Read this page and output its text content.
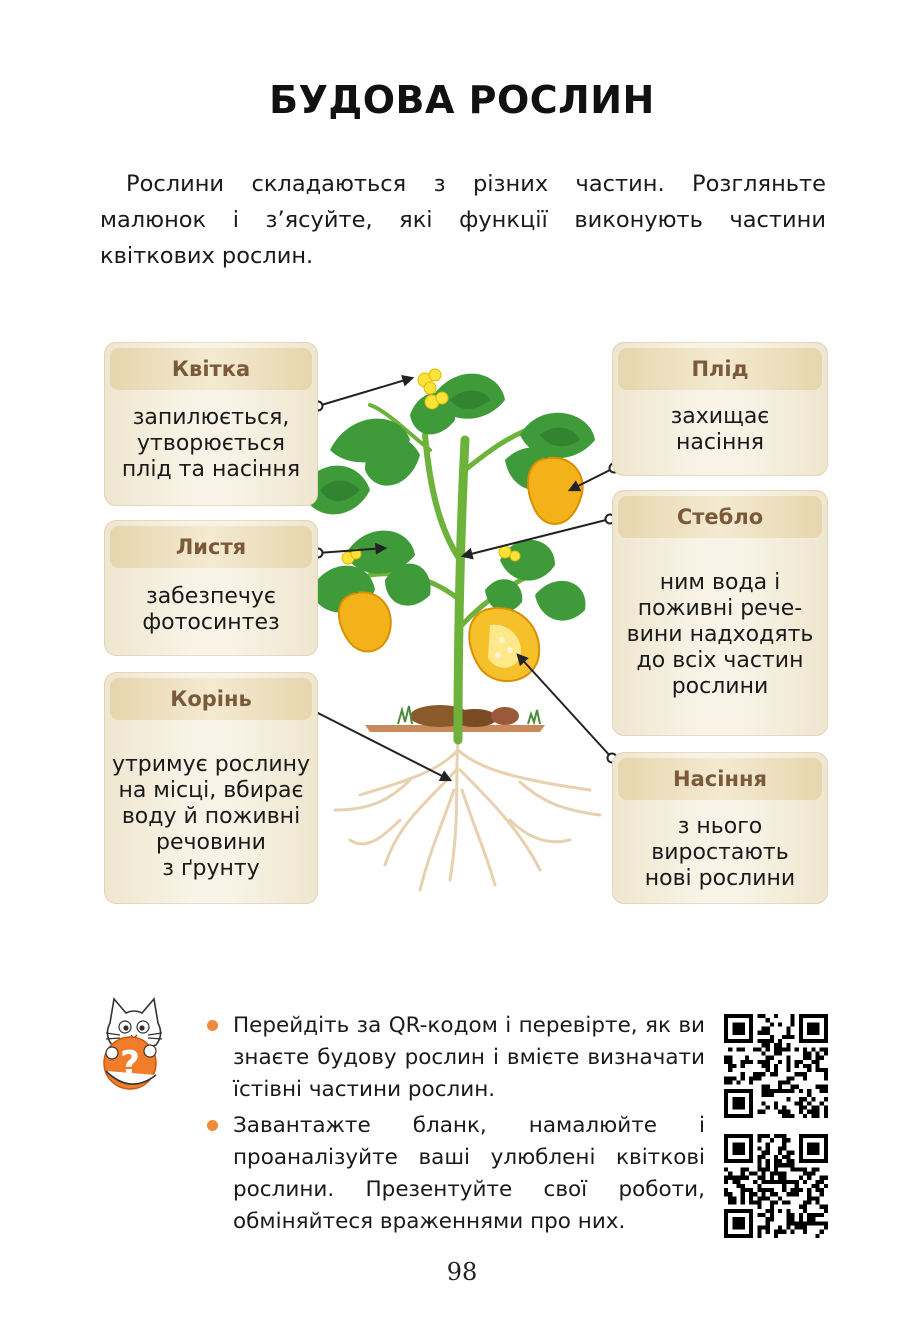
БУДОВА РОСЛИН
Рослини складаються з різних частин. Розгляньте малюнок і з’ясуйте, які функції виконують частини квіткових рослин.
Квітка
запилюється,
утворюється
плід та насіння
Листя
забезпечує
фотосинтез
Корінь
утримує рослину
на місці, вбирає
воду й поживні
речовини
з ґрунту
Плід
захищає
насіння
Стебло
ним вода і
поживні рече-
вини надходять
до всіх частин
рослини
Насіння
з нього
виростають
нові рослини
?
Перейдіть за QR-кодом і перевірте, як ви знаєте будову рослин і вмієте визначати їстівні частини рослин.
Завантажте бланк, намалюйте і проаналізуйте ваші улюблені квіткові рослини. Презентуйте свої роботи, обміняйтеся враженнями про них.
98
